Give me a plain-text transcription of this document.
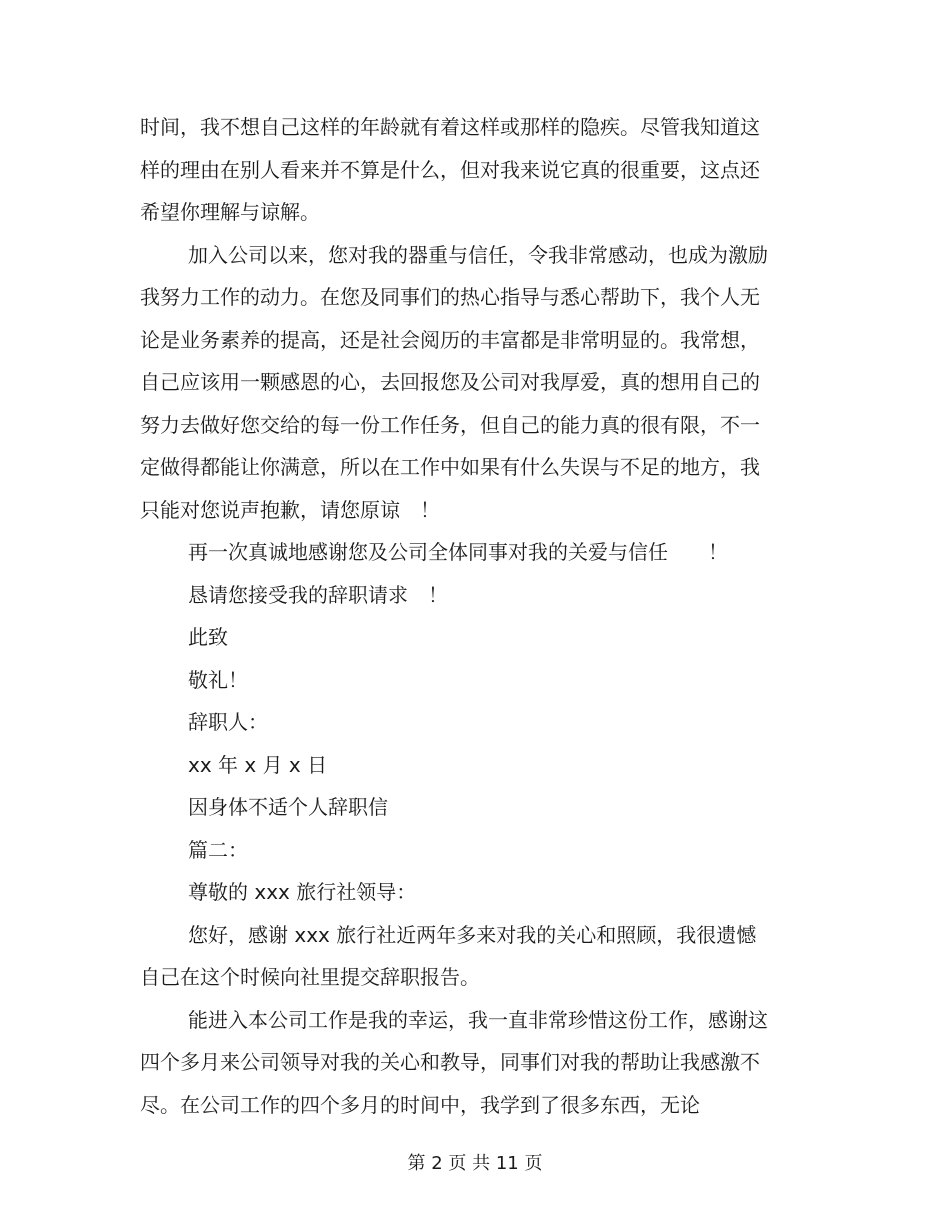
时间，我不想自己这样的年龄就有着这样或那样的隐疾。尽管我知道这样的理由在别人看来并不算是什么，但对我来说它真的很重要，这点还希望你理解与谅解。

加入公司以来，您对我的器重与信任，令我非常感动，也成为激励我努力工作的动力。在您及同事们的热心指导与悉心帮助下，我个人无论是业务素养的提高，还是社会阅历的丰富都是非常明显的。我常想，自己应该用一颗感恩的心，去回报您及公司对我厚爱，真的想用自己的努力去做好您交给的每一份工作任务，但自己的能力真的很有限，不一定做得都能让你满意，所以在工作中如果有什么失误与不足的地方，我只能对您说声抱歉，请您原谅　！

再一次真诚地感谢您及公司全体同事对我的关爱与信任　　！

恳请您接受我的辞职请求　！

此致

敬礼！

辞职人：

xx 年 x 月 x 日

因身体不适个人辞职信

篇二：

尊敬的 xxx 旅行社领导：

您好，感谢 xxx 旅行社近两年多来对我的关心和照顾，我很遗憾自己在这个时候向社里提交辞职报告。

能进入本公司工作是我的幸运，我一直非常珍惜这份工作，感谢这四个多月来公司领导对我的关心和教导，同事们对我的帮助让我感激不尽。在公司工作的四个多月的时间中，我学到了很多东西，无论

第 2 页 共 11 页
